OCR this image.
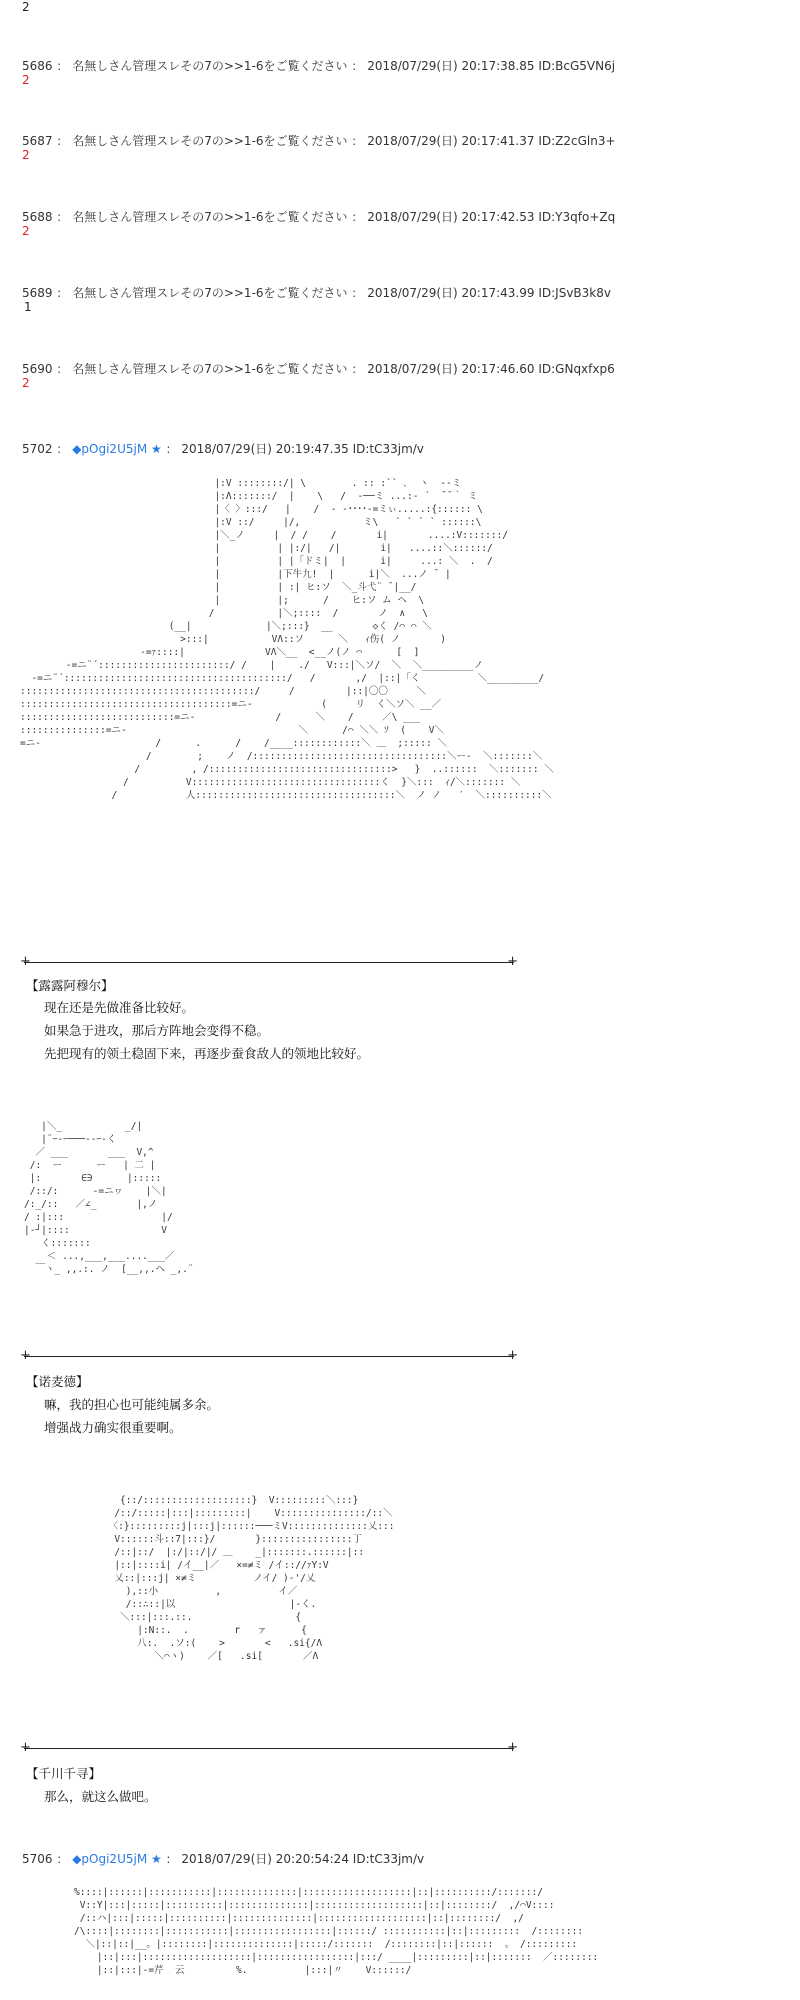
2
5686 ： 名無しさん管理スレその7の>>1-6をご覧ください ： 2018/07/29(日) 20:17:38.85 ID:BcG5VN6j
2
5687 ： 名無しさん管理スレその7の>>1-6をご覧ください ： 2018/07/29(日) 20:17:41.37 ID:Z2cGln3+
2
5688 ： 名無しさん管理スレその7の>>1-6をご覧ください ： 2018/07/29(日) 20:17:42.53 ID:Y3qfo+Zq
2
5689 ： 名無しさん管理スレその7の>>1-6をご覧ください ： 2018/07/29(日) 20:17:43.99 ID:JSvB3k8v
1
5690 ： 名無しさん管理スレその7の>>1-6をご覧ください ： 2018/07/29(日) 20:17:46.60 ID:GNqxfxp6
2
5702 ： ◆pOgi2U5jM ★ ： 2018/07/29(日) 20:19:47.35 ID:tC33jm/v
|:V ::::::::/| \        . :: :`` ､  ヽ  ‐-ミ
|:Λ:::::::/  |    \   /  ‐──ミ ...:‐ ´  ̄ ̄ ｀ ミ
|〈 〉:::/   |    /  ‐ ‐････‐=ミぃ.....:{:::::: \
|:V ::/     |/,           ミ\   ` ` ` ` ::::::\
|＼_ノ     |  / /    /       i|       ....:V:::::::/
|          | |:/|   /|       i|   ....::＼::::::/
|          | |「ドミ|  |      i|     ...: ＼  .  /
|          |下牛九!  |      i|＼  ...ノ ̄  |
|          | :| ヒ:ソ  ＼_斗弋¨ ̄ |__/
|          |;      /    ヒ:ソ ム ヘ  \
/           |＼;::::  /       ノ  ∧   \
(__|             |＼;:::}  __       ◇く /⌒ ⌒ ＼
>:::|           VΛ::ソ      ＼   ｨ伤( ノ       )
-=ｧ::::|              VΛ＼__  <__ノ(ノ ⌒      [  ]
-=ニ¨´:::::::::::::::::::::::/ /    |    ./   V:::|＼ソ/  ＼  ＼_________ノ
-=ニ¨´:::::::::::::::::::::::::::::::::::::::/   /       ,/  |::|「く          ＼_________/
:::::::::::::::::::::::::::::::::::::::::/     /         |::|〇〇     ＼
:::::::::::::::::::::::::::::::::::::=ニ-            (     リ  く＼ソ＼ __／
:::::::::::::::::::::::::::=ニ-              /      ＼    /     ／\ ___
:::::::::::::::=ニ-                              ＼      /⌒ ＼＼ ｿ  (    V＼
=ニ-                    /      .      /    /____::::::::::::＼ ＿  ;::::: ＼
/        ;    ノ  /::::::::::::::::::::::::::::::::::＼ー-  ＼:::::::＼
/         , /::::::::::::::::::::::::::::::::>   }  ..::::::  ＼::::::: ＼
/          V:::::::::::::::::::::::::::::::::く  }＼:::  ｨ/＼::::::: ＼
/            人:::::::::::::::::::::::::::::::::::＼  ノ ノ   ′  ＼::::::::::＼
+ +
【露露阿穆尔】
现在还是先做准备比较好。
如果急于进攻，那后方阵地会变得不稳。
先把现有的领土稳固下来，再逐步蚕食敌人的领地比较好。
|＼_           _/|
|¨ｰ-ｰ───--ｰ-く
／ ___       ___  V,^
/:  ー      ー   | 二 |
|:       ∈∋      |:::::
/::/:      -=ニヮ    |＼|
/:_/::   ／∠_       |,ノ
/ :|:::                 |/
|-┘|::::                V
く:::::::
＜ ...,___,___....___／
￣ヽ_ ,,.:. ノ  [__,,.ヘ _,.¨
+ +
【诺麦德】
嘛，我的担心也可能纯属多余。
增强战力确实很重要啊。
{::/:::::::::::::::::::}  V:::::::::＼:::}
/::/:::::|:::|:::::::::|    V:::::::::::::::/::＼
〈:}:::::::::j|:::j|::::::───ミV::::::::::::::乂:::
V::::::斗::7|:::}/       }::::::::::::::::丁
/::|::/  |:/|::/|/ ＿    _|:::::::.::::::|::
|::|::::i| /イ__|／   ×=≠ミ /イ:://ｧY:V
乂::|:::j| ×≠ミ          ノイ/ )-'/乂
),::小          ,          イ／
/::∴::|以                    |-く.
＼:::|:::.::.                  {
|:Ν::.  .        r   ァ      {
八:.  .ソ:(    >       <   .si{/Λ
＼⌒ヽ)    ／[   .si[       ／Λ
+ +
【千川千寻】
那么，就这么做吧。
5706 ： ◆pOgi2U5jM ★ ： 2018/07/29(日) 20:20:54:24 ID:tC33jm/v
%::::|::::::|:::::::::::|::::::::::::::|:::::::::::::::::::|::|::::::::::/:::::::/
V::Y|:::|:::::|::::::::::|::::::::::::::|:::::::::::::::::::|::|::::::::/  ,/⌒V::::
/::ハ|:::|:::::|::::::::::|::::::::::::::|:::::::::::::::::::|::|::::::::/  ,/
/\::::|::::::::|:::::::::::|:::::::::::::::::|::::::/ :::::::::::|::|:::::::::  /::::::::
＼|::|::|__。|::::::::|::::::::::::::|:::::/:::::::  /::::::::|::|::::::  。 /:::::::::
|::|:::|:::::::::::::::::::|:::::::::::::::::|:::/ ____|:::::::::|::|:::::::  ／::::::::
|::|:::|-=芹  云         %.          |:::|〃    V::::::/
